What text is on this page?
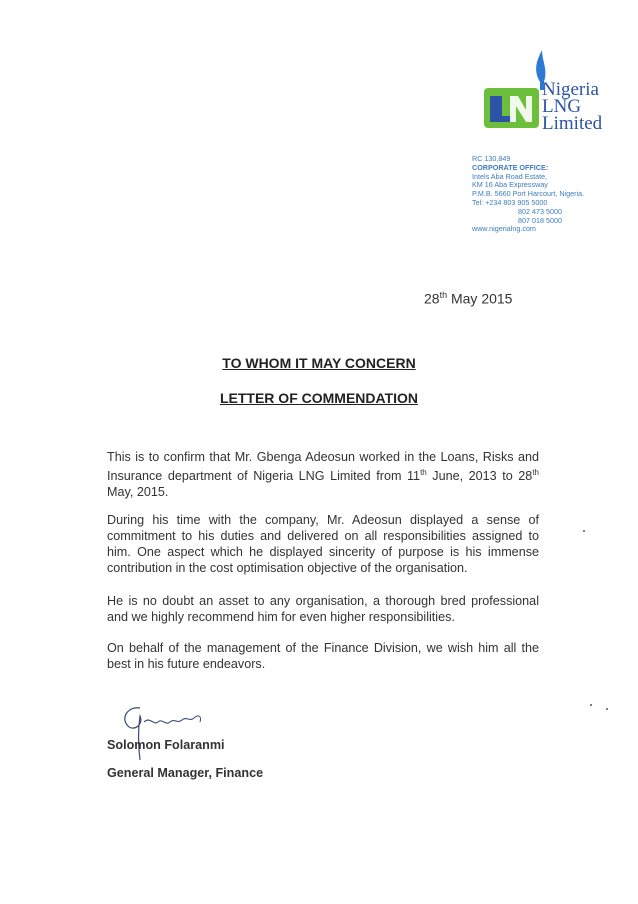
Nigeria
LNG
Limited
RC 130,849
CORPORATE OFFICE:
Intels Aba Road Estate,
KM 16 Aba Expressway
P.M.B. 5660 Port Harcourt, Nigeria.
Tel: +234 803 905 5000
802 473 5000
807 018 5000
www.nigerialng.com
28th May 2015
TO WHOM IT MAY CONCERN
LETTER OF COMMENDATION
This is to confirm that Mr. Gbenga Adeosun worked in the Loans, Risks and Insurance department of Nigeria LNG Limited from 11th June, 2013 to 28th May, 2015.
During his time with the company, Mr. Adeosun displayed a sense of commitment to his duties and delivered on all responsibilities assigned to him. One aspect which he displayed sincerity of purpose is his immense contribution in the cost optimisation objective of the organisation.
He is no doubt an asset to any organisation, a thorough bred professional and we highly recommend him for even higher responsibilities.
On behalf of the management of the Finance Division, we wish him all the best in his future endeavors.
Solomon Folaranmi
General Manager, Finance
